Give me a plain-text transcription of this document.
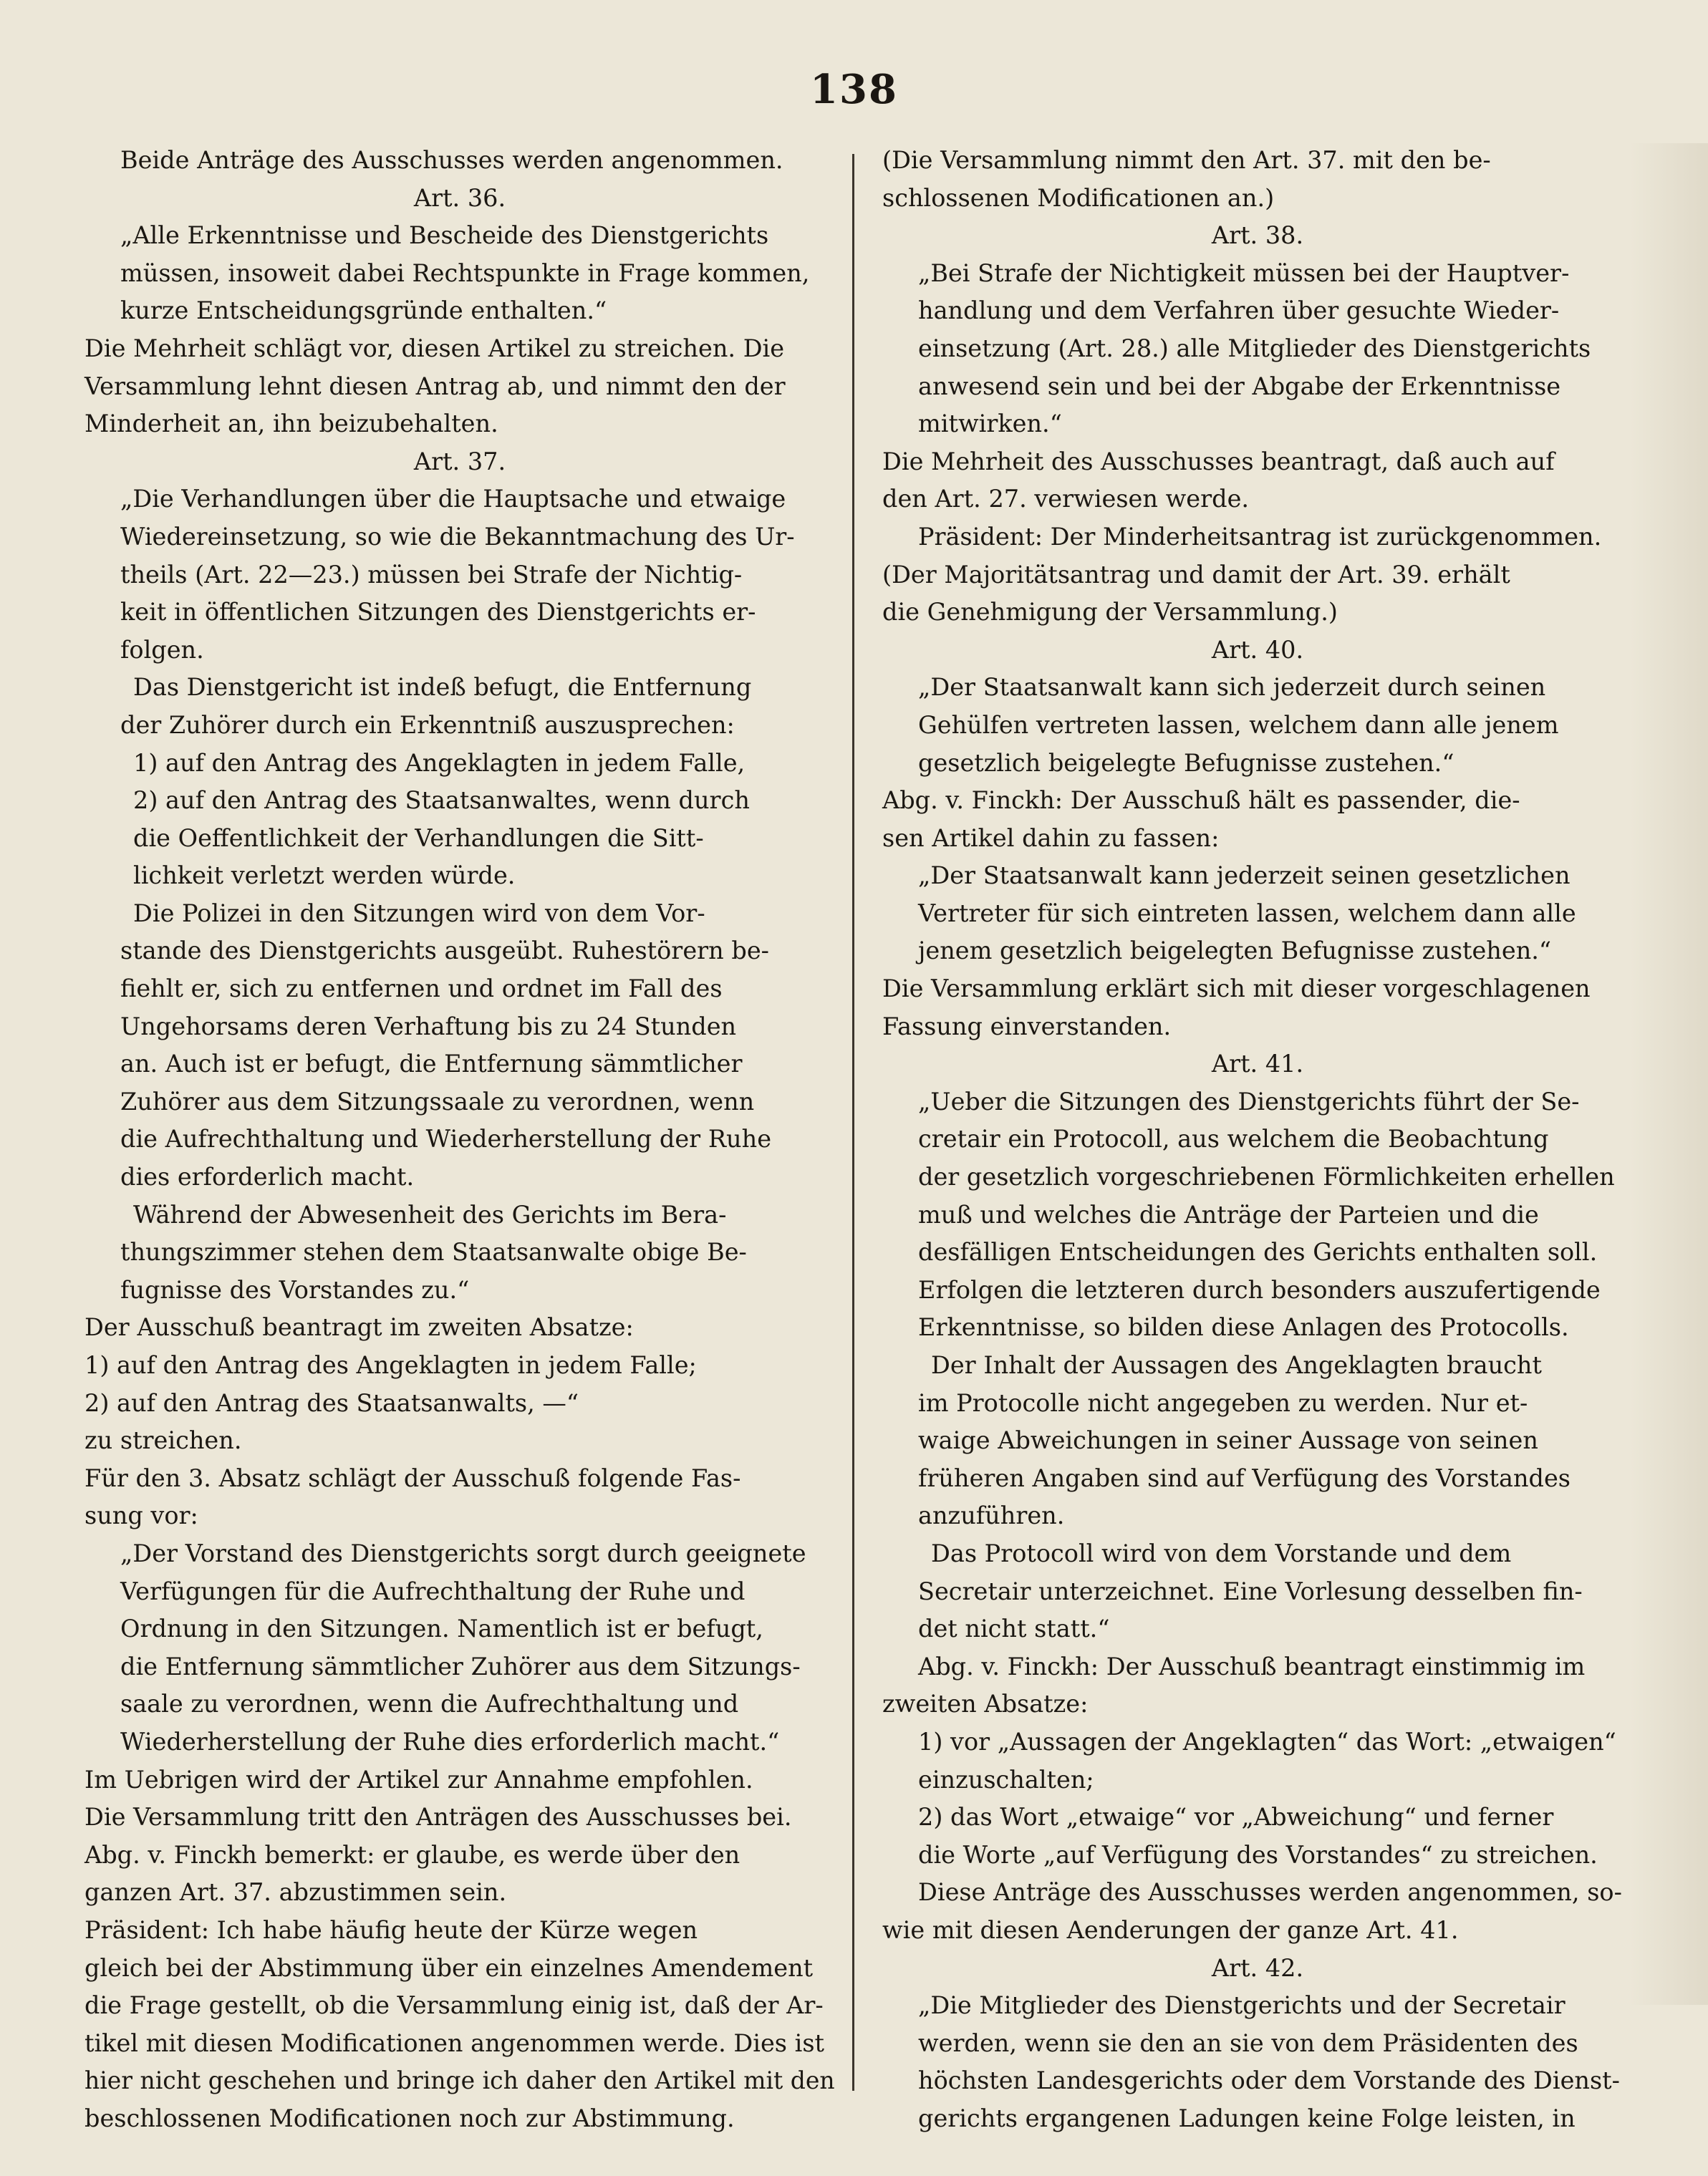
138

Beide Anträge des Ausschusses werden angenommen.

Art. 36.

„Alle Erkenntnisse und Bescheide des Dienstgerichts

müssen, insoweit dabei Rechtspunkte in Frage kommen,

kurze Entscheidungsgründe enthalten.“

Die Mehrheit schlägt vor, diesen Artikel zu streichen. Die

Versammlung lehnt diesen Antrag ab, und nimmt den der

Minderheit an, ihn beizubehalten.

Art. 37.

„Die Verhandlungen über die Hauptsache und etwaige

Wiedereinsetzung, so wie die Bekanntmachung des Ur-

theils (Art. 22—23.) müssen bei Strafe der Nichtig-

keit in öffentlichen Sitzungen des Dienstgerichts er-

folgen.

Das Dienstgericht ist indeß befugt, die Entfernung

der Zuhörer durch ein Erkenntniß auszusprechen:

1) auf den Antrag des Angeklagten in jedem Falle,

2) auf den Antrag des Staatsanwaltes, wenn durch

die Oeffentlichkeit der Verhandlungen die Sitt-

lichkeit verletzt werden würde.

Die Polizei in den Sitzungen wird von dem Vor-

stande des Dienstgerichts ausgeübt. Ruhestörern be-

fiehlt er, sich zu entfernen und ordnet im Fall des

Ungehorsams deren Verhaftung bis zu 24 Stunden

an. Auch ist er befugt, die Entfernung sämmtlicher

Zuhörer aus dem Sitzungssaale zu verordnen, wenn

die Aufrechthaltung und Wiederherstellung der Ruhe

dies erforderlich macht.

Während der Abwesenheit des Gerichts im Bera-

thungszimmer stehen dem Staatsanwalte obige Be-

fugnisse des Vorstandes zu.“

Der Ausschuß beantragt im zweiten Absatze:

1) auf den Antrag des Angeklagten in jedem Falle;

2) auf den Antrag des Staatsanwalts, —“

zu streichen.

Für den 3. Absatz schlägt der Ausschuß folgende Fas-

sung vor:

„Der Vorstand des Dienstgerichts sorgt durch geeignete

Verfügungen für die Aufrechthaltung der Ruhe und

Ordnung in den Sitzungen. Namentlich ist er befugt,

die Entfernung sämmtlicher Zuhörer aus dem Sitzungs-

saale zu verordnen, wenn die Aufrechthaltung und

Wiederherstellung der Ruhe dies erforderlich macht.“

Im Uebrigen wird der Artikel zur Annahme empfohlen.

Die Versammlung tritt den Anträgen des Ausschusses bei.

Abg. v. Finckh bemerkt: er glaube, es werde über den

ganzen Art. 37. abzustimmen sein.

Präsident: Ich habe häufig heute der Kürze wegen

gleich bei der Abstimmung über ein einzelnes Amendement

die Frage gestellt, ob die Versammlung einig ist, daß der Ar-

tikel mit diesen Modificationen angenommen werde. Dies ist

hier nicht geschehen und bringe ich daher den Artikel mit den

beschlossenen Modificationen noch zur Abstimmung.

(Die Versammlung nimmt den Art. 37. mit den be-

schlossenen Modificationen an.)

Art. 38.

„Bei Strafe der Nichtigkeit müssen bei der Hauptver-

handlung und dem Verfahren über gesuchte Wieder-

einsetzung (Art. 28.) alle Mitglieder des Dienstgerichts

anwesend sein und bei der Abgabe der Erkenntnisse

mitwirken.“

Die Mehrheit des Ausschusses beantragt, daß auch auf

den Art. 27. verwiesen werde.

Präsident: Der Minderheitsantrag ist zurückgenommen.

(Der Majoritätsantrag und damit der Art. 39. erhält

die Genehmigung der Versammlung.)

Art. 40.

„Der Staatsanwalt kann sich jederzeit durch seinen

Gehülfen vertreten lassen, welchem dann alle jenem

gesetzlich beigelegte Befugnisse zustehen.“

Abg. v. Finckh: Der Ausschuß hält es passender, die-

sen Artikel dahin zu fassen:

„Der Staatsanwalt kann jederzeit seinen gesetzlichen

Vertreter für sich eintreten lassen, welchem dann alle

jenem gesetzlich beigelegten Befugnisse zustehen.“

Die Versammlung erklärt sich mit dieser vorgeschlagenen

Fassung einverstanden.

Art. 41.

„Ueber die Sitzungen des Dienstgerichts führt der Se-

cretair ein Protocoll, aus welchem die Beobachtung

der gesetzlich vorgeschriebenen Förmlichkeiten erhellen

muß und welches die Anträge der Parteien und die

desfälligen Entscheidungen des Gerichts enthalten soll.

Erfolgen die letzteren durch besonders auszufertigende

Erkenntnisse, so bilden diese Anlagen des Protocolls.

Der Inhalt der Aussagen des Angeklagten braucht

im Protocolle nicht angegeben zu werden. Nur et-

waige Abweichungen in seiner Aussage von seinen

früheren Angaben sind auf Verfügung des Vorstandes

anzuführen.

Das Protocoll wird von dem Vorstande und dem

Secretair unterzeichnet. Eine Vorlesung desselben fin-

det nicht statt.“

Abg. v. Finckh: Der Ausschuß beantragt einstimmig im

zweiten Absatze:

1) vor „Aussagen der Angeklagten“ das Wort: „etwaigen“

einzuschalten;

2) das Wort „etwaige“ vor „Abweichung“ und ferner

die Worte „auf Verfügung des Vorstandes“ zu streichen.

Diese Anträge des Ausschusses werden angenommen, so-

wie mit diesen Aenderungen der ganze Art. 41.

Art. 42.

„Die Mitglieder des Dienstgerichts und der Secretair

werden, wenn sie den an sie von dem Präsidenten des

höchsten Landesgerichts oder dem Vorstande des Dienst-

gerichts ergangenen Ladungen keine Folge leisten, in
